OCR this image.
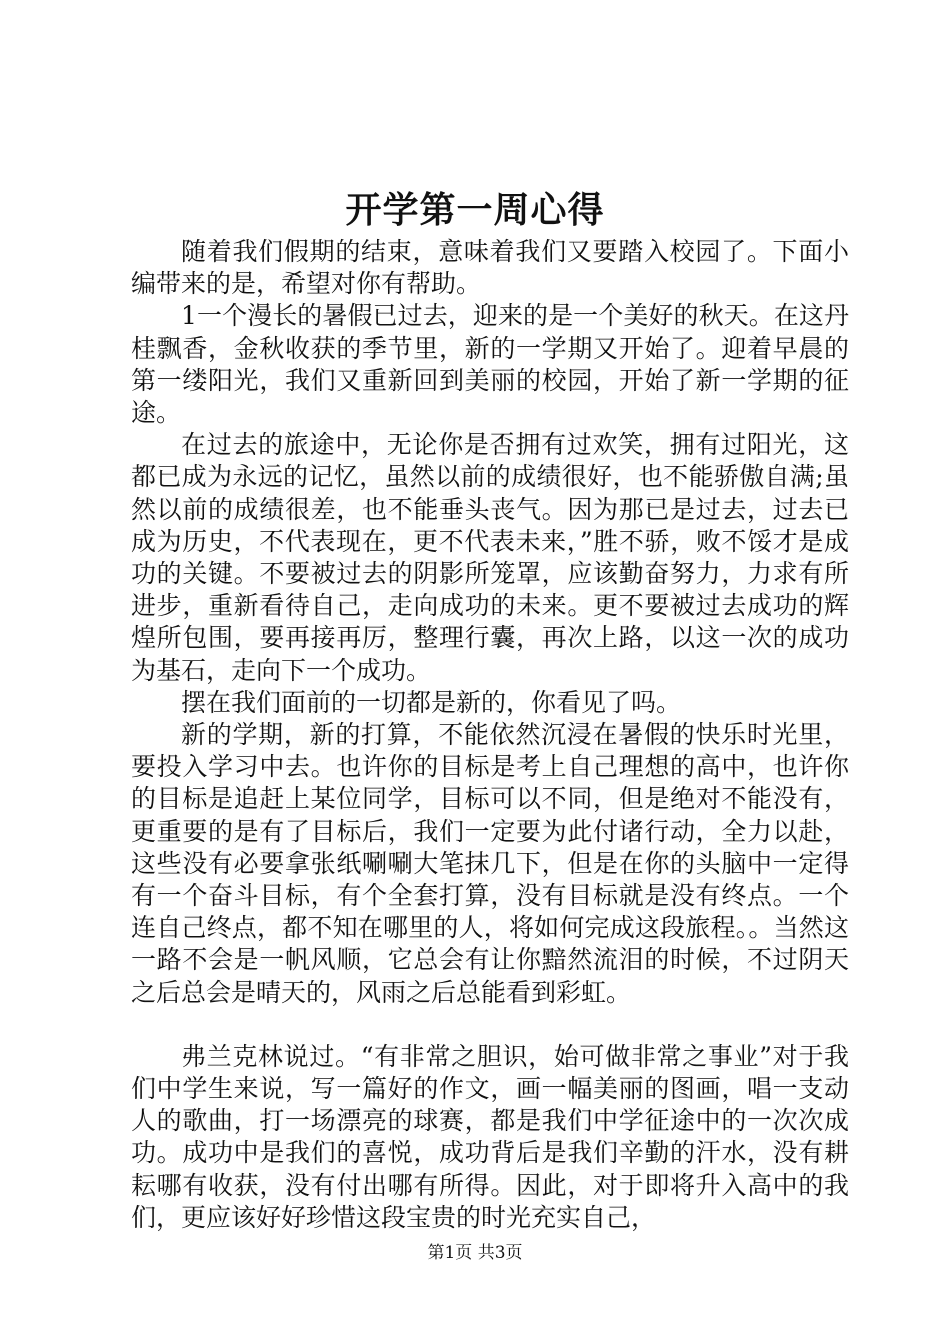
开学第一周心得

随着我们假期的结束，意味着我们又要踏入校园了。下面小编带来的是，希望对你有帮助。

1一个漫长的暑假已过去，迎来的是一个美好的秋天。在这丹桂飘香，金秋收获的季节里，新的一学期又开始了。迎着早晨的第一缕阳光，我们又重新回到美丽的校园，开始了新一学期的征途。

在过去的旅途中，无论你是否拥有过欢笑，拥有过阳光，这都已成为永远的记忆，虽然以前的成绩很好，也不能骄傲自满;虽然以前的成绩很差，也不能垂头丧气。因为那已是过去，过去已成为历史，不代表现在，更不代表未来，”胜不骄，败不馁才是成功的关键。不要被过去的阴影所笼罩，应该勤奋努力，力求有所进步，重新看待自己，走向成功的未来。更不要被过去成功的辉煌所包围，要再接再厉，整理行囊，再次上路，以这一次的成功为基石，走向下一个成功。

摆在我们面前的一切都是新的，你看见了吗。

新的学期，新的打算，不能依然沉浸在暑假的快乐时光里，要投入学习中去。也许你的目标是考上自己理想的高中，也许你的目标是追赶上某位同学，目标可以不同，但是绝对不能没有，更重要的是有了目标后，我们一定要为此付诸行动，全力以赴，这些没有必要拿张纸唰唰大笔抹几下，但是在你的头脑中一定得有一个奋斗目标，有个全套打算，没有目标就是没有终点。一个连自己终点，都不知在哪里的人，将如何完成这段旅程。。当然这一路不会是一帆风顺，它总会有让你黯然流泪的时候，不过阴天之后总会是晴天的，风雨之后总能看到彩虹。

弗兰克林说过。“有非常之胆识，始可做非常之事业”对于我们中学生来说，写一篇好的作文，画一幅美丽的图画，唱一支动人的歌曲，打一场漂亮的球赛，都是我们中学征途中的一次次成功。成功中是我们的喜悦，成功背后是我们辛勤的汗水，没有耕耘哪有收获，没有付出哪有所得。因此，对于即将升入高中的我们，更应该好好珍惜这段宝贵的时光充实自己，

第1页 共3页
